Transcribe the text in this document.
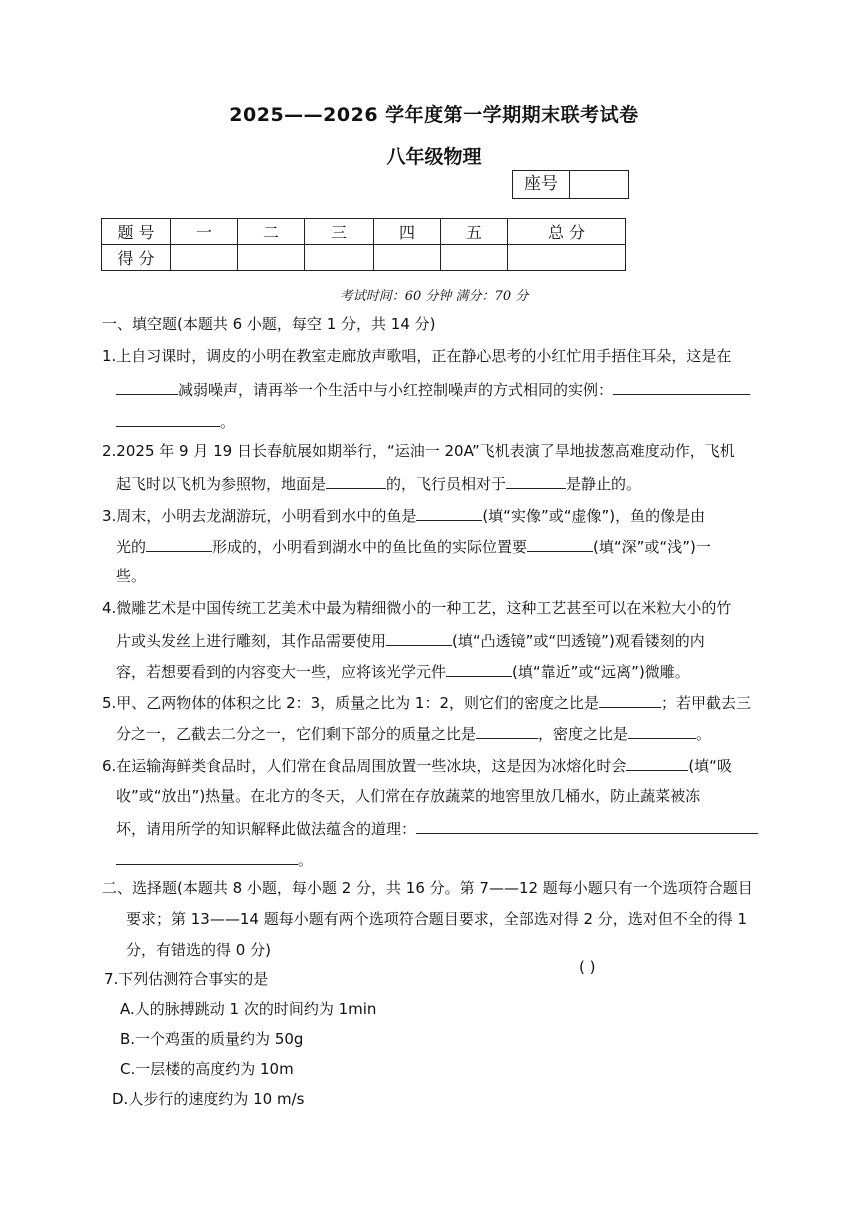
2025——2026 学年度第一学期期末联考试卷
八年级物理
座号
题 号	一	二	三	四	五	总 分
得 分						
考试时间：60 分钟 满分：70 分
一、填空题(本题共 6 小题，每空 1 分，共 14 分)
1.上自习课时，调皮的小明在教室走廊放声歌唱，正在静心思考的小红忙用手捂住耳朵，这是在
减弱噪声，请再举一个生活中与小红控制噪声的方式相同的实例：
。
2.2025 年 9 月 19 日长春航展如期举行，“运油一 20A”飞机表演了旱地拔葱高难度动作，飞机
起飞时以飞机为参照物，地面是	的，飞行员相对于	是静止的。
3.周末，小明去龙湖游玩，小明看到水中的鱼是	(填“实像”或“虚像”)，鱼的像是由
光的	形成的，小明看到湖水中的鱼比鱼的实际位置要	(填“深”或“浅”)一
些。
4.微雕艺术是中国传统工艺美术中最为精细微小的一种工艺，这种工艺甚至可以在米粒大小的竹
片或头发丝上进行雕刻，其作品需要使用	(填“凸透镜”或“凹透镜”)观看镂刻的内
容，若想要看到的内容变大一些，应将该光学元件	(填“靠近”或“远离”)微雕。
5.甲、乙两物体的体积之比 2：3，质量之比为 1：2，则它们的密度之比是	；若甲截去三
分之一，乙截去二分之一，它们剩下部分的质量之比是	，密度之比是	。
6.在运输海鲜类食品时，人们常在食品周围放置一些冰块，这是因为冰熔化时会	(填“吸
收”或“放出”)热量。在北方的冬天，人们常在存放蔬菜的地窖里放几桶水，防止蔬菜被冻
坏，请用所学的知识解释此做法蕴含的道理：
。
二、选择题(本题共 8 小题，每小题 2 分，共 16 分。第 7——12 题每小题只有一个选项符合题目
要求；第 13——14 题每小题有两个选项符合题目要求，全部选对得 2 分，选对但不全的得 1
分，有错选的得 0 分)
7.下列估测符合事实的是
( )
A.人的脉搏跳动 1 次的时间约为 1min
B.一个鸡蛋的质量约为 50g
C.一层楼的高度约为 10m
D.人步行的速度约为 10 m/s
